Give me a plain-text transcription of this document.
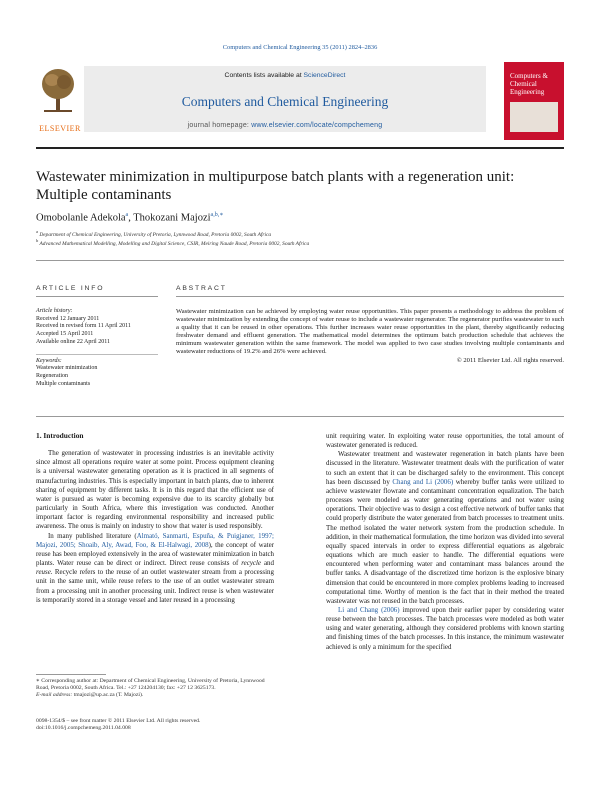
Computers and Chemical Engineering 35 (2011) 2824–2836
ELSEVIER
Contents lists available at ScienceDirect
Computers and Chemical Engineering
journal homepage: www.elsevier.com/locate/compchemeng
Computers & Chemical Engineering
Wastewater minimization in multipurpose batch plants with a regeneration unit: Multiple contaminants
Omobolanle Adekola$^a$, Thokozani Majozi$^{a,b,∗}$
$^a$ Department of Chemical Engineering, University of Pretoria, Lynnwood Road, Pretoria 0002, South Africa
$^b$ Advanced Mathematical Modelling, Modelling and Digital Science, CSIR, Meiring Naude Road, Pretoria 0002, South Africa
ARTICLE INFO	ABSTRACT
Article history:
Received 12 January 2011
Received in revised form 11 April 2011
Accepted 15 April 2011
Available online 22 April 2011
Keywords:
Wastewater minimization
Regeneration
Multiple contaminants
Wastewater minimization can be achieved by employing water reuse opportunities. This paper presents a methodology to address the problem of wastewater minimization by extending the concept of water reuse to include a wastewater regenerator. The regenerator purifies wastewater to such a quality that it can be reused in other operations. This further increases water reuse opportunities in the plant, thereby significantly reducing freshwater demand and effluent generation. The mathematical model determines the optimum batch production schedule that achieves the minimum wastewater generation within the same framework. The model was applied to two case studies involving multiple contaminants and wastewater reductions of 19.2% and 26% were achieved.
© 2011 Elsevier Ltd. All rights reserved.
1. Introduction

The generation of wastewater in processing industries is an inevitable activity since almost all operations require water at some point. Process equipment cleaning is a universal wastewater generating operation as it is practiced in all segments of manufacturing industries. This is especially important in batch plants, due to inherent sharing of equipment by different tasks. It is in this regard that the efficient use of water is pursued as water is becoming expensive due to its scarcity globally but particularly in South Africa, where this investigation was conducted. Another important factor is regarding environmental responsibility and increased public awareness. The onus is mainly on industry to show that water is used responsibly.

In many published literature (Almató, Sanmarti, Espuña, & Puigjaner, 1997; Majozi, 2005; Shoaib, Aly, Awad, Foo, & El-Halwagi, 2008), the concept of water reuse has been employed extensively in the area of wastewater minimization in batch plants. Water reuse can be direct or indirect. Direct reuse consists of recycle and reuse. Recycle refers to the reuse of an outlet wastewater stream from a processing unit in the same unit, while reuse refers to the use of an outlet wastewater stream from a processing unit in another processing unit. Indirect reuse is when wastewater is temporarily stored in a storage vessel and later reused in a processing

unit requiring water. In exploiting water reuse opportunities, the total amount of wastewater generated is reduced.

Wastewater treatment and wastewater regeneration in batch plants have been discussed in the literature. Wastewater treatment deals with the purification of water to such an extent that it can be discharged safely to the environment. This concept has been discussed by Chang and Li (2006) whereby buffer tanks were utilized to achieve wastewater flowrate and contaminant concentration equalization. The batch processes were modeled as water generating operations and not water using operations. Their objective was to design a cost effective network of buffer tanks that could properly distribute the water generated from batch processes to treatment units. The method isolated the water network system from the production schedule. In addition, in their mathematical formulation, the time horizon was divided into several equally spaced intervals in order to express differential equations as algebraic equations which are much easier to handle. The differential equations were encountered when performing water and contaminant mass balances around the buffer tanks. A disadvantage of the discretized time horizon is the explosive binary dimension that could be encountered in more complex problems leading to increased computational time. Worthy of mention is the fact that in their method the treated wastewater was not reused in the batch processes.

Li and Chang (2006) improved upon their earlier paper by considering water reuse between the batch processes. The batch processes were modeled as both water using and water generating, although they considered problems with known starting and finishing times of the batch processes. In this instance, the minimum wastewater achieved is only a minimum for the specified

∗ Corresponding author at: Department of Chemical Engineering, University of Pretoria, Lynnwood Road, Pretoria 0002, South Africa. Tel.: +27 124204130; fax: +27 12 3625173.
E-mail address: tmajozi@up.ac.za (T. Majozi).
0098-1354/$ – see front matter © 2011 Elsevier Ltd. All rights reserved.
doi:10.1016/j.compchemeng.2011.04.008
